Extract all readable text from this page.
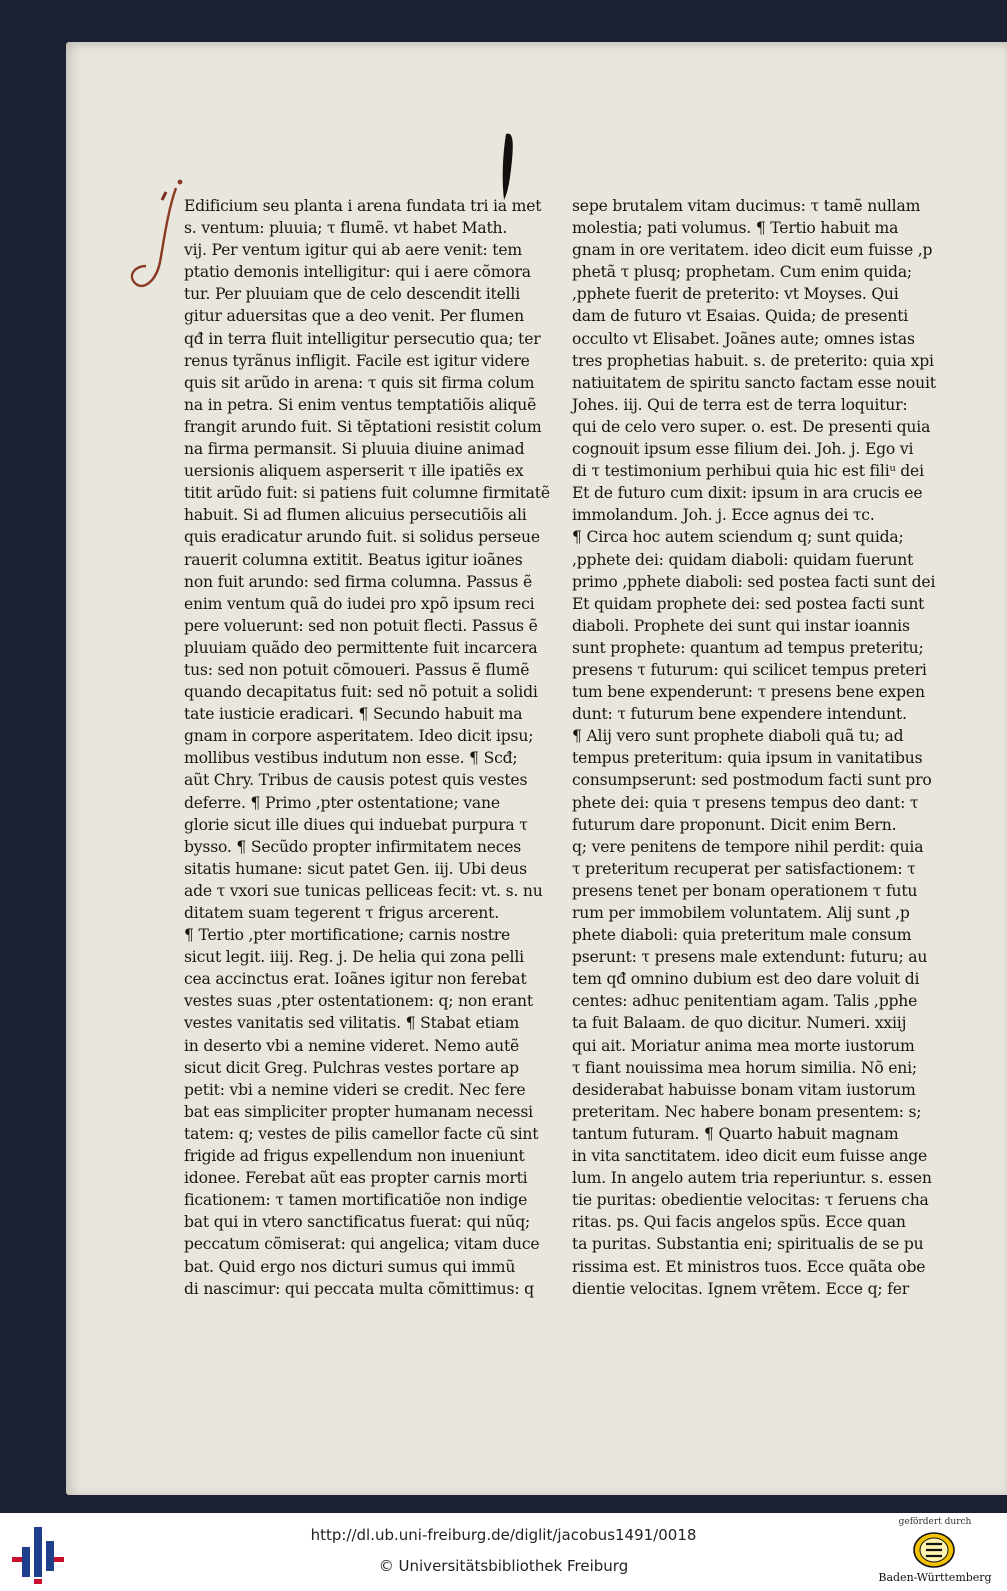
Edificium seu planta i arena fundata tri ia met
s. ventum: pluuia; τ flumẽ. vt habet Math.
vij. Per ventum igitur qui ab aere venit: tem
ptatio demonis intelligitur: qui i aere cõmora
tur. Per pluuiam que de celo descendit itelli
gitur aduersitas que a deo venit. Per flumen
qđ in terra fluit intelligitur persecutio qua; ter
renus tyrãnus infligit. Facile est igitur videre
quis sit arũdo in arena: τ quis sit firma colum
na in petra. Si enim ventus temptatiõis aliquẽ
frangit arundo fuit. Si tẽptationi resistit colum
na firma permansit. Si pluuia diuine animad
uersionis aliquem asperserit τ ille ipatiẽs ex
titit arũdo fuit: si patiens fuit columne firmitatẽ
habuit. Si ad flumen alicuius persecutiõis ali
quis eradicatur arundo fuit. si solidus perseue
rauerit columna extitit. Beatus igitur ioãnes
non fuit arundo: sed firma columna. Passus ẽ
enim ventum quã do iudei pro xpõ ipsum reci
pere voluerunt: sed non potuit flecti. Passus ẽ
pluuiam quãdo deo permittente fuit incarcera
tus: sed non potuit cõmoueri. Passus ẽ flumẽ
quando decapitatus fuit: sed nõ potuit a solidi
tate iusticie eradicari. ¶ Secundo habuit ma
gnam in corpore asperitatem. Ideo dicit ipsu;
mollibus vestibus indutum non esse. ¶ Scđ;
aũt Chry. Tribus de causis potest quis vestes
deferre. ¶ Primo ,pter ostentatione; vane
glorie sicut ille diues qui induebat purpura τ
bysso. ¶ Secũdo propter infirmitatem neces
sitatis humane: sicut patet Gen. iij. Ubi deus
ade τ vxori sue tunicas pelliceas fecit: vt. s. nu
ditatem suam tegerent τ frigus arcerent.
¶ Tertio ,pter mortificatione; carnis nostre
sicut legit. iiij. Reg. j. De helia qui zona pelli
cea accinctus erat. Ioãnes igitur non ferebat
vestes suas ,pter ostentationem: q; non erant
vestes vanitatis sed vilitatis. ¶ Stabat etiam
in deserto vbi a nemine videret. Nemo autẽ
sicut dicit Greg. Pulchras vestes portare ap
petit: vbi a nemine videri se credit. Nec fere
bat eas simpliciter propter humanam necessi
tatem: q; vestes de pilis camellor facte cũ sint
frigide ad frigus expellendum non inueniunt
idonee. Ferebat aũt eas propter carnis morti
ficationem: τ tamen mortificatiõe non indige
bat qui in vtero sanctificatus fuerat: qui nũq;
peccatum cõmiserat: qui angelica; vitam duce
bat. Quid ergo nos dicturi sumus qui immũ
di nascimur: qui peccata multa cõmittimus: q
sepe brutalem vitam ducimus: τ tamẽ nullam
molestia; pati volumus. ¶ Tertio habuit ma
gnam in ore veritatem. ideo dicit eum fuisse ,p
phetã τ plusq; prophetam. Cum enim quida;
,pphete fuerit de preterito: vt Moyses. Qui
dam de futuro vt Esaias. Quida; de presenti
occulto vt Elisabet. Joãnes aute; omnes istas
tres prophetias habuit. s. de preterito: quia xpi
natiuitatem de spiritu sancto factam esse nouit
Johes. iij. Qui de terra est de terra loquitur:
qui de celo vero super. o. est. De presenti quia
cognouit ipsum esse filium dei. Joh. j. Ego vi
di τ testimonium perhibui quia hic est filiᵘ dei
Et de futuro cum dixit: ipsum in ara crucis ee
immolandum. Joh. j. Ecce agnus dei τc.
¶ Circa hoc autem sciendum q; sunt quida;
,pphete dei: quidam diaboli: quidam fuerunt
primo ,pphete diaboli: sed postea facti sunt dei
Et quidam prophete dei: sed postea facti sunt
diaboli. Prophete dei sunt qui instar ioannis
sunt prophete: quantum ad tempus preteritu;
presens τ futurum: qui scilicet tempus preteri
tum bene expenderunt: τ presens bene expen
dunt: τ futurum bene expendere intendunt.
¶ Alij vero sunt prophete diaboli quã tu; ad
tempus preteritum: quia ipsum in vanitatibus
consumpserunt: sed postmodum facti sunt pro
phete dei: quia τ presens tempus deo dant: τ
futurum dare proponunt. Dicit enim Bern.
q; vere penitens de tempore nihil perdit: quia
τ preteritum recuperat per satisfactionem: τ
presens tenet per bonam operationem τ futu
rum per immobilem voluntatem. Alij sunt ,p
phete diaboli: quia preteritum male consum
pserunt: τ presens male extendunt: futuru; au
tem qđ omnino dubium est deo dare voluit di
centes: adhuc penitentiam agam. Talis ,pphe
ta fuit Balaam. de quo dicitur. Numeri. xxiij
qui ait. Moriatur anima mea morte iustorum
τ fiant nouissima mea horum similia. Nõ eni;
desiderabat habuisse bonam vitam iustorum
preteritam. Nec habere bonam presentem: s;
tantum futuram. ¶ Quarto habuit magnam
in vita sanctitatem. ideo dicit eum fuisse ange
lum. In angelo autem tria reperiuntur. s. essen
tie puritas: obedientie velocitas: τ feruens cha
ritas. ps. Qui facis angelos spũs. Ecce quan
ta puritas. Substantia eni; spiritualis de se pu
rissima est. Et ministros tuos. Ecce quãta obe
dientie velocitas. Ignem vrẽtem. Ecce q; fer
http://dl.ub.uni-freiburg.de/diglit/jacobus1491/0018
© Universitätsbibliothek Freiburg
gefördert durch
Baden-Württemberg
